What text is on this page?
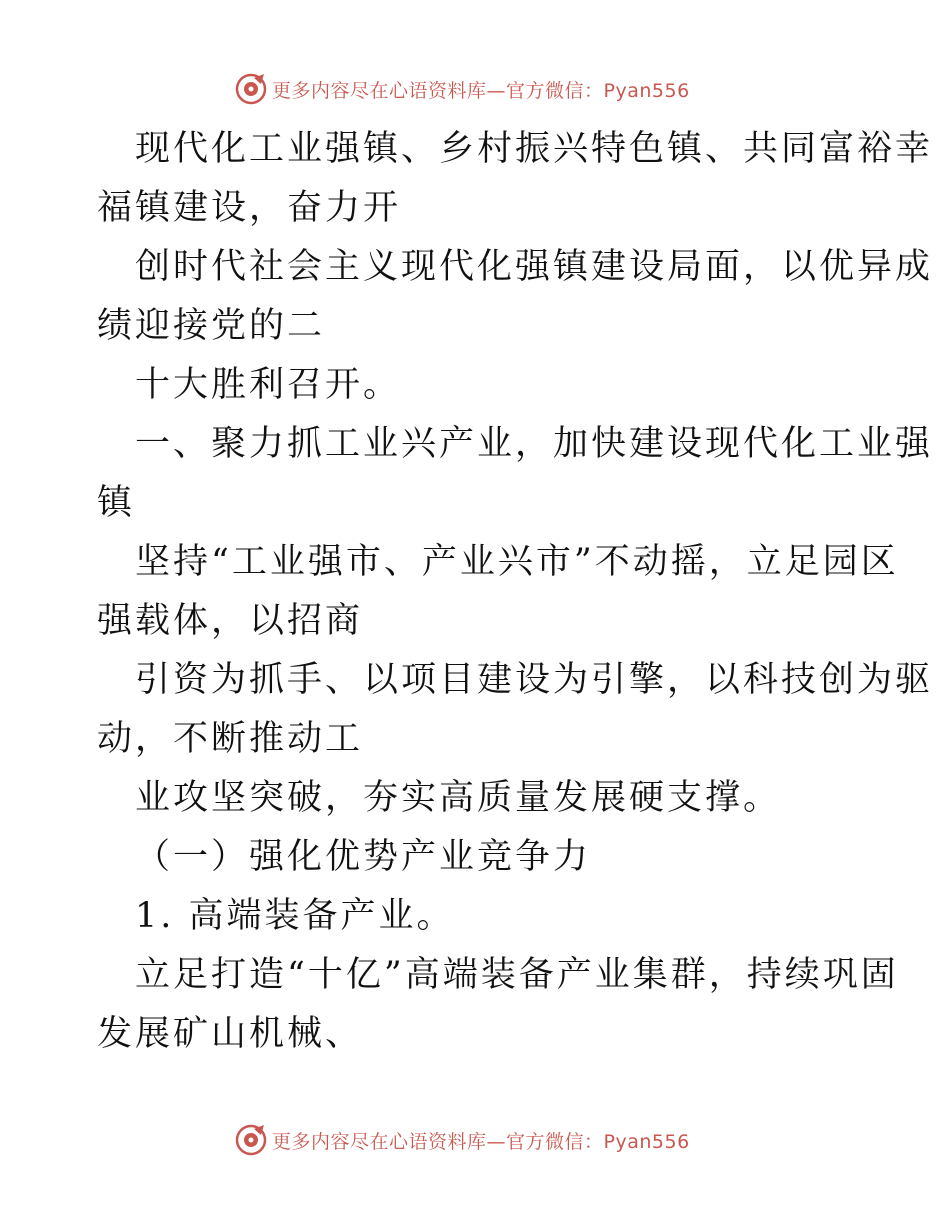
更多内容尽在心语资料库—官方微信：Pyan556
现代化工业强镇、乡村振兴特色镇、共同富裕幸
福镇建设，奋力开
创时代社会主义现代化强镇建设局面，以优异成
绩迎接党的二
十大胜利召开。
一、聚力抓工业兴产业，加快建设现代化工业强
镇
坚持“工业强市、产业兴市”不动摇，立足园区
强载体，以招商
引资为抓手、以项目建设为引擎，以科技创为驱
动，不断推动工
业攻坚突破，夯实高质量发展硬支撑。
（一）强化优势产业竞争力
1. 高端装备产业。
立足打造“十亿”高端装备产业集群，持续巩固
发展矿山机械、
更多内容尽在心语资料库—官方微信：Pyan556
